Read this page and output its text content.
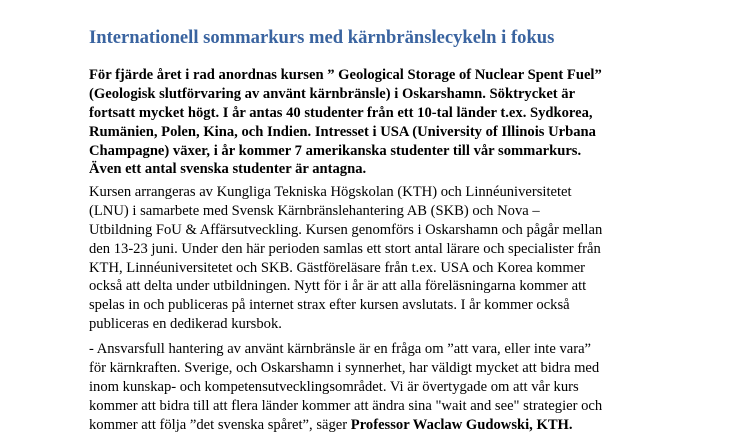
Internationell sommarkurs med kärnbränslecykeln i fokus

För fjärde året i rad anordnas kursen ” Geological Storage of Nuclear Spent Fuel”
(Geologisk slutförvaring av använt kärnbränsle) i Oskarshamn. Söktrycket är
fortsatt mycket högt. I år antas 40 studenter från ett 10-tal länder t.ex. Sydkorea,
Rumänien, Polen, Kina, och Indien. Intresset i USA (University of Illinois Urbana
Champagne) växer, i år kommer 7 amerikanska studenter till vår sommarkurs.
Även ett antal svenska studenter är antagna.

Kursen arrangeras av Kungliga Tekniska Högskolan (KTH) och Linnéuniversitetet
(LNU) i samarbete med Svensk Kärnbränslehantering AB (SKB) och Nova –
Utbildning FoU & Affärsutveckling. Kursen genomförs i Oskarshamn och pågår mellan
den 13-23 juni. Under den här perioden samlas ett stort antal lärare och specialister från
KTH, Linnéuniversitetet och SKB. Gästföreläsare från t.ex. USA och Korea kommer
också att delta under utbildningen. Nytt för i år är att alla föreläsningarna kommer att
spelas in och publiceras på internet strax efter kursen avslutats. I år kommer också
publiceras en dedikerad kursbok.

- Ansvarsfull hantering av använt kärnbränsle är en fråga om ”att vara, eller inte vara”
för kärnkraften. Sverige, och Oskarshamn i synnerhet, har väldigt mycket att bidra med
inom kunskap- och kompetensutvecklingsområdet. Vi är övertygade om att vår kurs
kommer att bidra till att flera länder kommer att ändra sina "wait and see" strategier och
kommer att följa ”det svenska spåret”, säger Professor Waclaw Gudowski, KTH.
